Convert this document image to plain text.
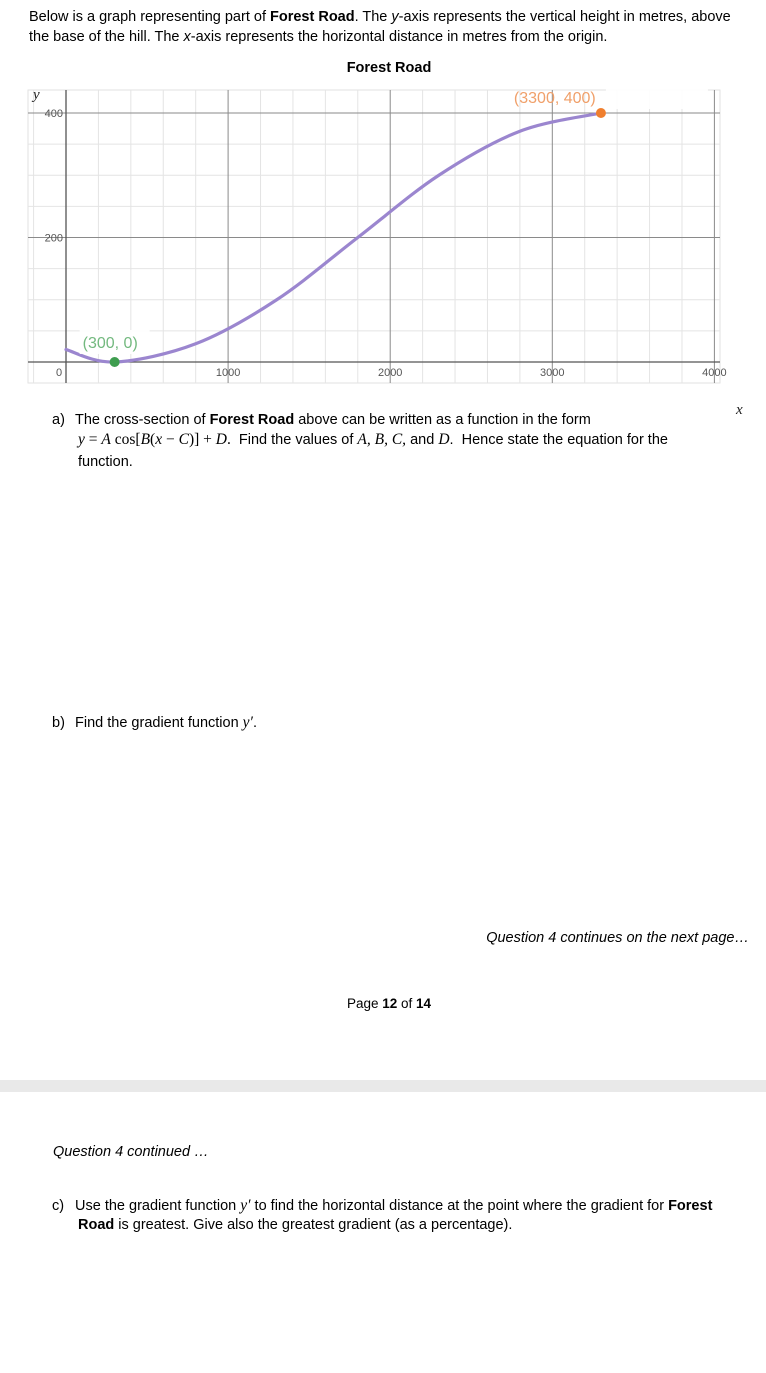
Below is a graph representing part of Forest Road. The y-axis represents the vertical height in metres, above the base of the hill. The x-axis represents the horizontal distance in metres from the origin.
Forest Road
0	1000	2000	3000	4000
200
400
y
x
(300, 0)
(3300, 400)
a) The cross-section of Forest Road above can be written as a function in the form
y = A cos[B(x − C)] + D.  Find the values of A, B, C, and D.  Hence state the equation for the
function.
b) Find the gradient function y′.
Question 4 continues on the next page…
Page 12 of 14
Question 4 continued …
c) Use the gradient function y′ to find the horizontal distance at the point where the gradient for Forest
Road is greatest. Give also the greatest gradient (as a percentage).
